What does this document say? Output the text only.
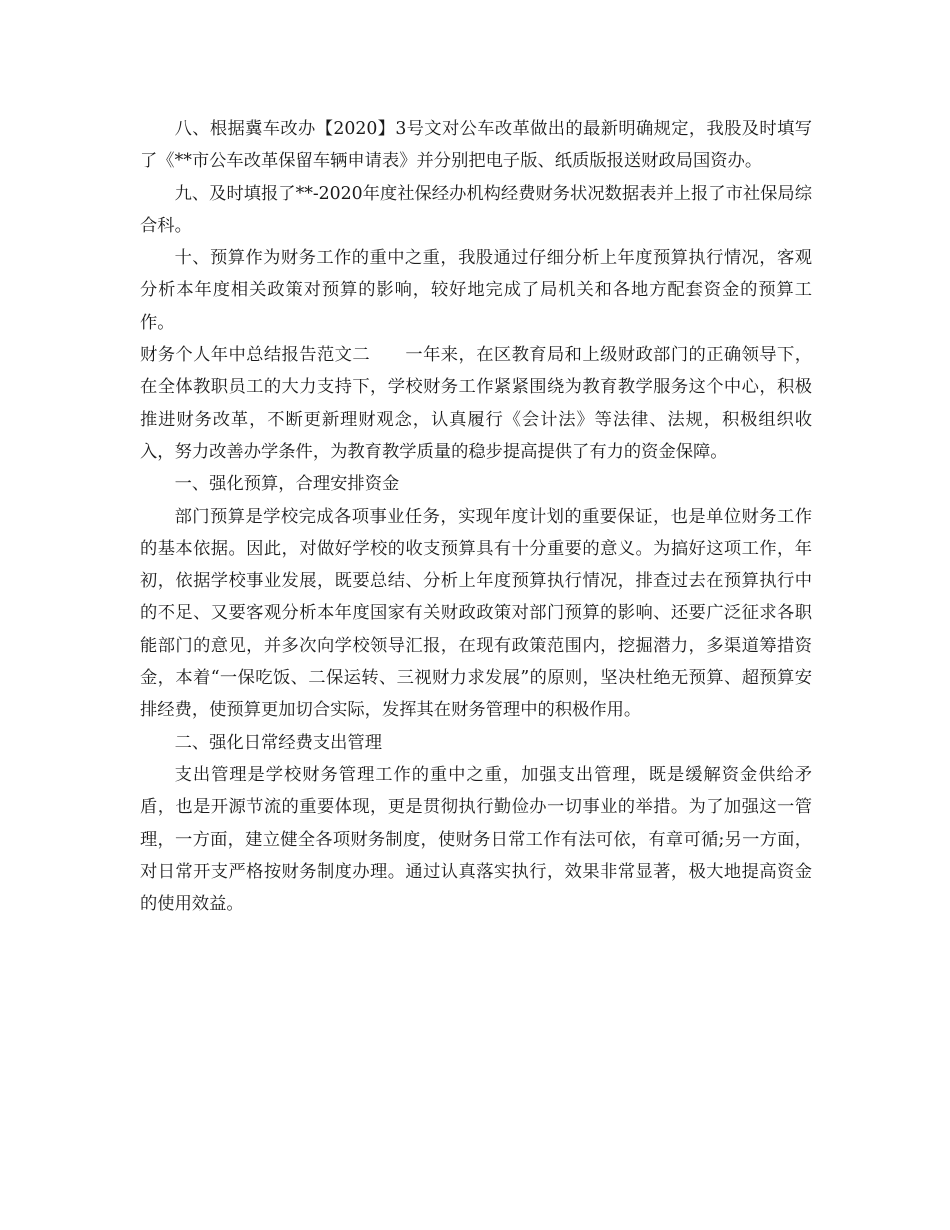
八、根据冀车改办【2020】3号文对公车改革做出的最新明确规定，我股及时填写了《**市公车改革保留车辆申请表》并分别把电子版、纸质版报送财政局国资办。

九、及时填报了**-2020年度社保经办机构经费财务状况数据表并上报了市社保局综合科。

十、预算作为财务工作的重中之重，我股通过仔细分析上年度预算执行情况，客观分析本年度相关政策对预算的影响，较好地完成了局机关和各地方配套资金的预算工作。

财务个人年中总结报告范文二　　一年来，在区教育局和上级财政部门的正确领导下，在全体教职员工的大力支持下，学校财务工作紧紧围绕为教育教学服务这个中心，积极推进财务改革，不断更新理财观念，认真履行《会计法》等法律、法规，积极组织收入，努力改善办学条件，为教育教学质量的稳步提高提供了有力的资金保障。

一、强化预算，合理安排资金

部门预算是学校完成各项事业任务，实现年度计划的重要保证，也是单位财务工作的基本依据。因此，对做好学校的收支预算具有十分重要的意义。为搞好这项工作，年初，依据学校事业发展，既要总结、分析上年度预算执行情况，排查过去在预算执行中的不足、又要客观分析本年度国家有关财政政策对部门预算的影响、还要广泛征求各职能部门的意见，并多次向学校领导汇报，在现有政策范围内，挖掘潜力，多渠道筹措资金，本着“一保吃饭、二保运转、三视财力求发展”的原则，坚决杜绝无预算、超预算安排经费，使预算更加切合实际，发挥其在财务管理中的积极作用。

二、强化日常经费支出管理

支出管理是学校财务管理工作的重中之重，加强支出管理，既是缓解资金供给矛盾，也是开源节流的重要体现，更是贯彻执行勤俭办一切事业的举措。为了加强这一管理，一方面，建立健全各项财务制度，使财务日常工作有法可依，有章可循;另一方面，对日常开支严格按财务制度办理。通过认真落实执行，效果非常显著，极大地提高资金的使用效益。
